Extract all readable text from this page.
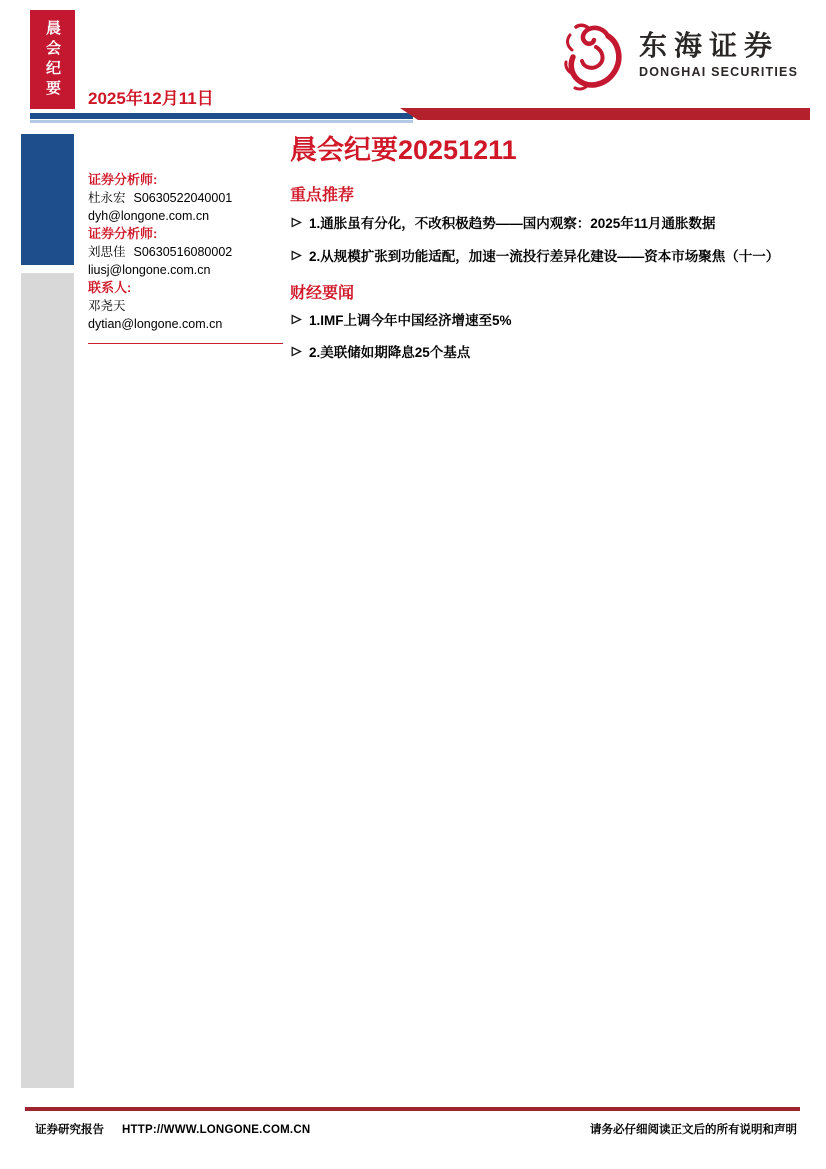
晨会纪要 2025年12月11日
东海证券
DONGHAI SECURITIES
证券分析师:
杜永宏 S0630522040001
dyh@longone.com.cn
证券分析师:
刘思佳 S0630516080002
liusj@longone.com.cn
联系人:
邓尧天
dytian@longone.com.cn
晨会纪要20251211
重点推荐
1.通胀虽有分化，不改积极趋势——国内观察：2025年11月通胀数据
2.从规模扩张到功能适配，加速一流投行差异化建设——资本市场聚焦（十一）
财经要闻
1.IMF上调今年中国经济增速至5%
2.美联储如期降息25个基点
证券研究报告 HTTP://WWW.LONGONE.COM.CN	请务必仔细阅读正文后的所有说明和声明
